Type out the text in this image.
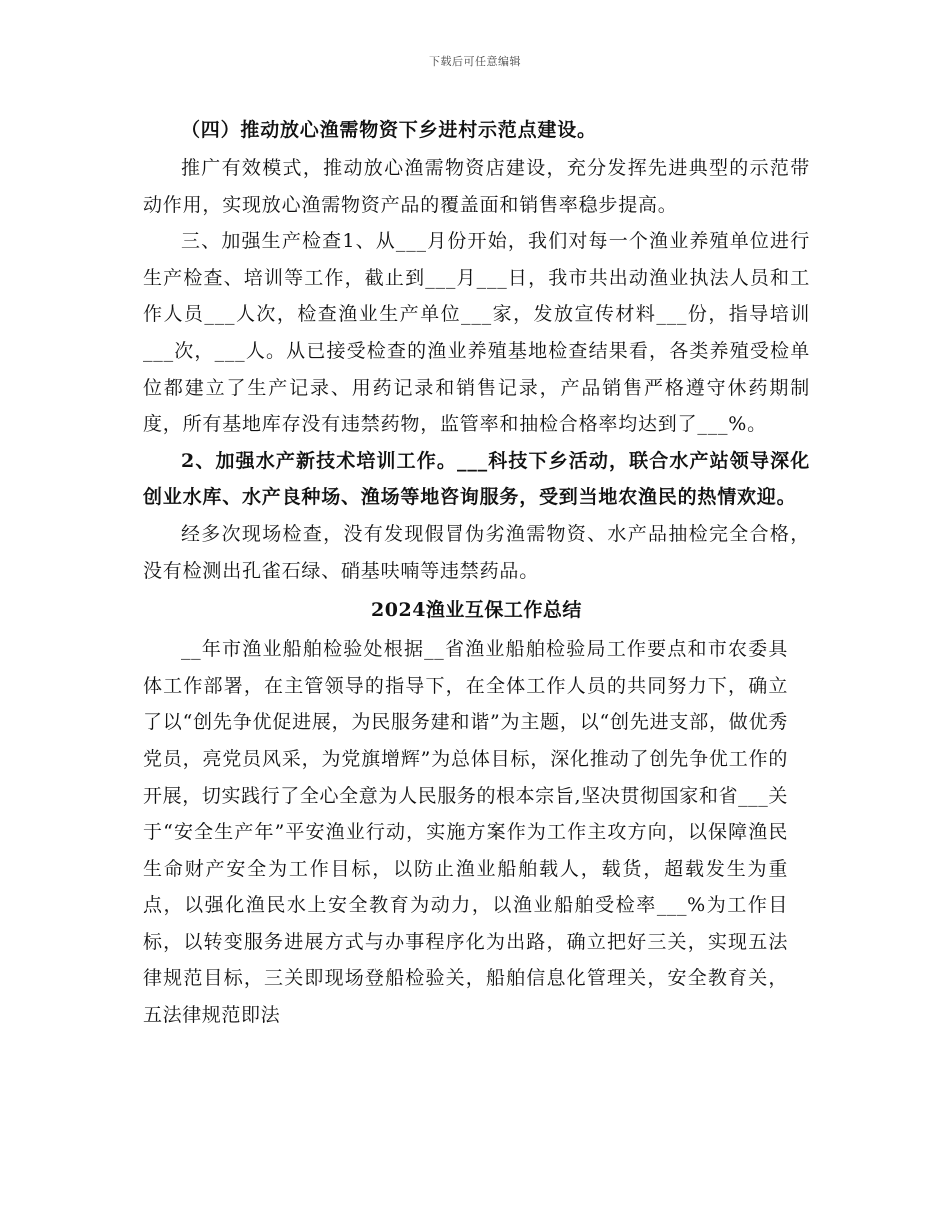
下载后可任意编辑

（四）推动放心渔需物资下乡进村示范点建设。

推广有效模式，推动放心渔需物资店建设，充分发挥先进典型的示范带动作用，实现放心渔需物资产品的覆盖面和销售率稳步提高。

三、加强生产检查1、从___月份开始，我们对每一个渔业养殖单位进行生产检查、培训等工作，截止到___月___日，我市共出动渔业执法人员和工作人员___人次，检查渔业生产单位___家，发放宣传材料___份，指导培训___次，___人。从已接受检查的渔业养殖基地检查结果看，各类养殖受检单位都建立了生产记录、用药记录和销售记录，产品销售严格遵守休药期制度，所有基地库存没有违禁药物，监管率和抽检合格率均达到了___%。

2、加强水产新技术培训工作。___科技下乡活动，联合水产站领导深化创业水库、水产良种场、渔场等地咨询服务，受到当地农渔民的热情欢迎。

经多次现场检查，没有发现假冒伪劣渔需物资、水产品抽检完全合格，没有检测出孔雀石绿、硝基呋喃等违禁药品。

2024渔业互保工作总结

__年市渔业船舶检验处根据__省渔业船舶检验局工作要点和市农委具体工作部署，在主管领导的指导下，在全体工作人员的共同努力下，确立了以“创先争优促进展，为民服务建和谐”为主题，以“创先进支部，做优秀党员，亮党员风采，为党旗增辉”为总体目标，深化推动了创先争优工作的开展，切实践行了全心全意为人民服务的根本宗旨,坚决贯彻国家和省___关于“安全生产年”平安渔业行动，实施方案作为工作主攻方向，以保障渔民生命财产安全为工作目标，以防止渔业船舶载人，载货，超载发生为重点，以强化渔民水上安全教育为动力，以渔业船舶受检率___%为工作目标，以转变服务进展方式与办事程序化为出路，确立把好三关，实现五法律规范目标，三关即现场登船检验关，船舶信息化管理关，安全教育关，五法律规范即法
